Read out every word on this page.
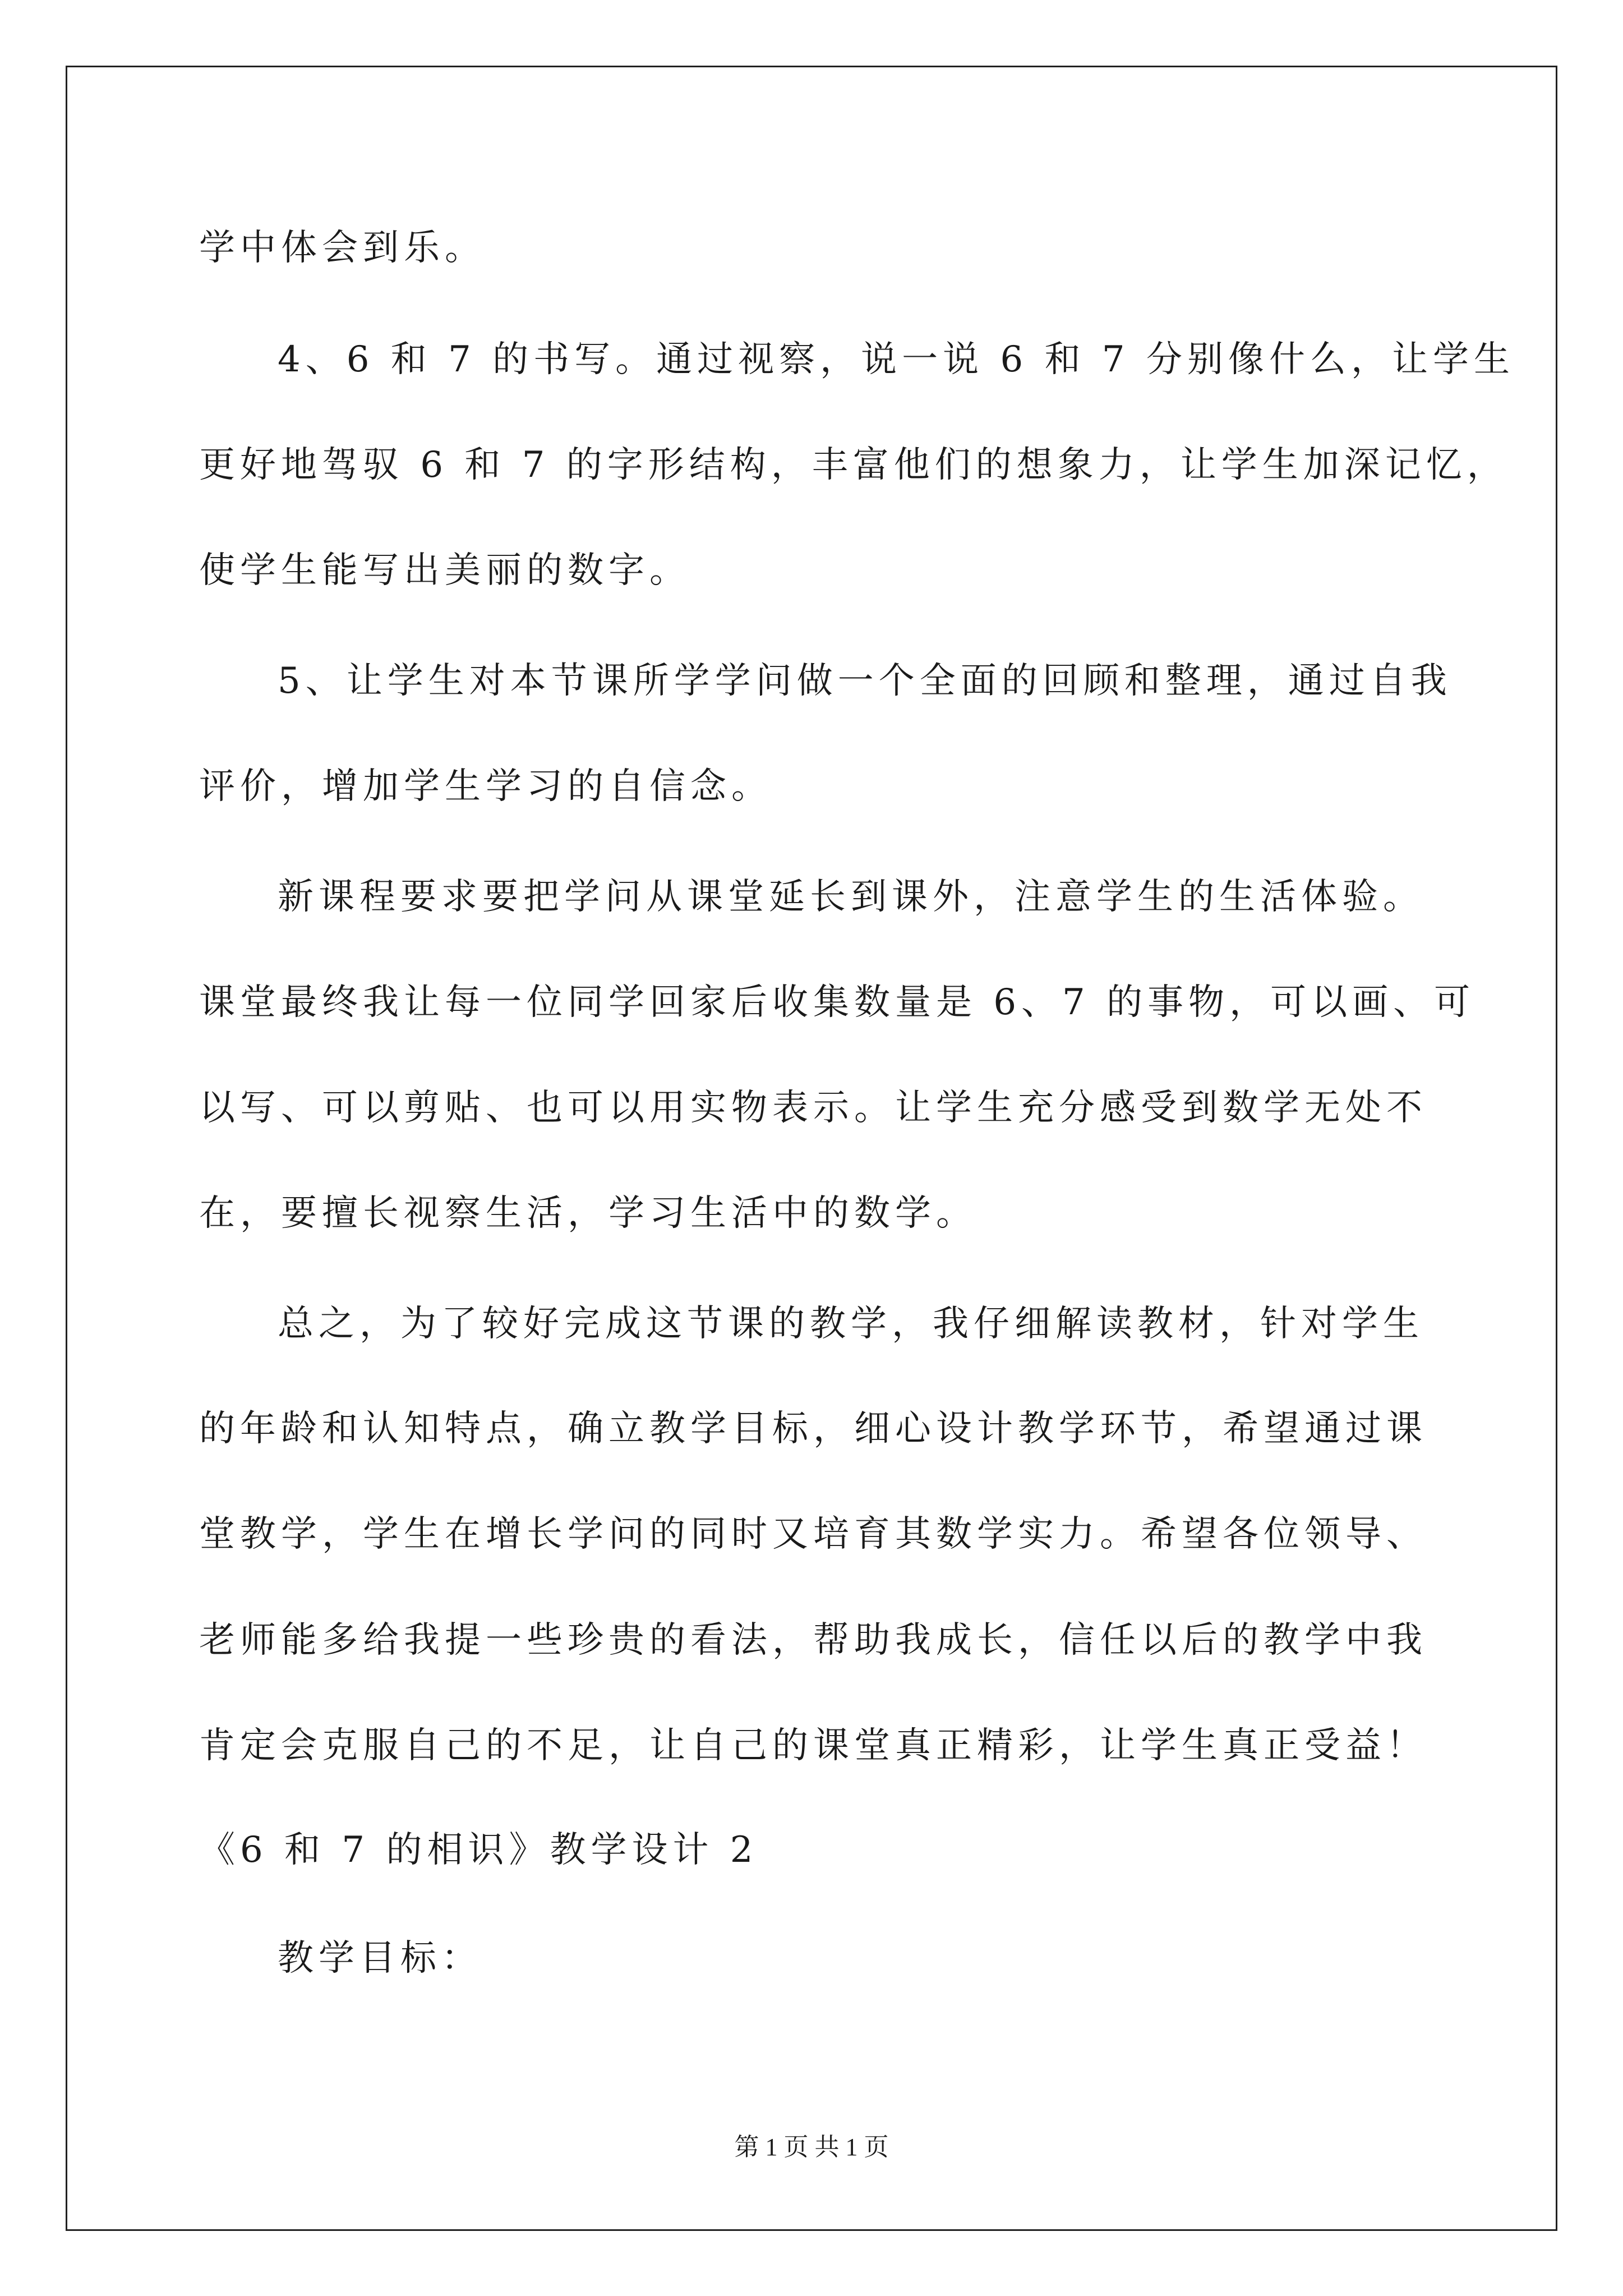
学中体会到乐。
4、6 和 7 的书写。通过视察，说一说 6 和 7 分别像什么，让学生
更好地驾驭 6 和 7 的字形结构，丰富他们的想象力，让学生加深记忆，
使学生能写出美丽的数字。
5、让学生对本节课所学学问做一个全面的回顾和整理，通过自我
评价，增加学生学习的自信念。
新课程要求要把学问从课堂延长到课外，注意学生的生活体验。
课堂最终我让每一位同学回家后收集数量是 6、7 的事物，可以画、可
以写、可以剪贴、也可以用实物表示。让学生充分感受到数学无处不
在，要擅长视察生活，学习生活中的数学。
总之，为了较好完成这节课的教学，我仔细解读教材，针对学生
的年龄和认知特点，确立教学目标，细心设计教学环节，希望通过课
堂教学，学生在增长学问的同时又培育其数学实力。希望各位领导、
老师能多给我提一些珍贵的看法，帮助我成长，信任以后的教学中我
肯定会克服自己的不足，让自己的课堂真正精彩，让学生真正受益！
《6 和 7 的相识》教学设计 2
教学目标：
第 1 页 共 1 页
